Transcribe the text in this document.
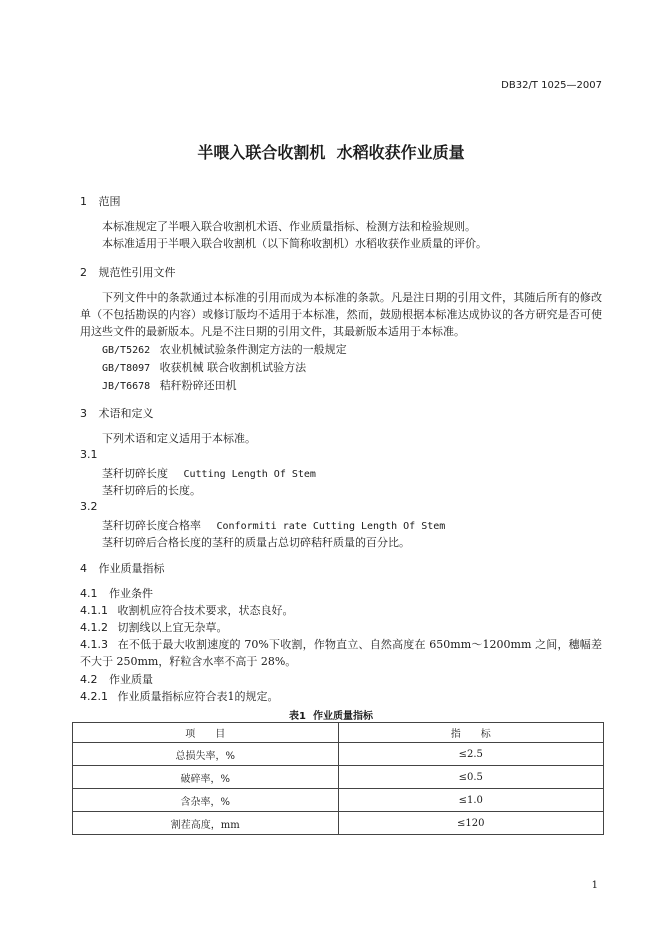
DB32/T 1025—2007
半喂入联合收割机  水稻收获作业质量
1 范围
本标准规定了半喂入联合收割机术语、作业质量指标、检测方法和检验规则。
本标准适用于半喂入联合收割机（以下简称收割机）水稻收获作业质量的评价。
2 规范性引用文件
下列文件中的条款通过本标准的引用而成为本标准的条款。凡是注日期的引用文件，其随后所有的修改单（不包括勘误的内容）或修订版均不适用于本标准，然而，鼓励根据本标准达成协议的各方研究是否可使用这些文件的最新版本。凡是不注日期的引用文件，其最新版本适用于本标准。
GB/T5262 农业机械试验条件测定方法的一般规定
GB/T8097 收获机械 联合收割机试验方法
JB/T6678 秸秆粉碎还田机
3 术语和定义
下列术语和定义适用于本标准。
3.1
茎秆切碎长度 Cutting Length Of Stem
茎秆切碎后的长度。
3.2
茎秆切碎长度合格率 Conformiti rate Cutting Length Of Stem
茎秆切碎后合格长度的茎秆的质量占总切碎秸秆质量的百分比。
4 作业质量指标
4.1 作业条件
4.1.1 收割机应符合技术要求，状态良好。
4.1.2 切割线以上宜无杂草。
4.1.3 在不低于最大收割速度的 70%下收割，作物直立、自然高度在 650mm～1200mm 之间，穗幅差不大于 250mm，籽粒含水率不高于 28%。
4.2 作业质量
4.2.1 作业质量指标应符合表1的规定。
表1  作业质量指标
项　　目	指　　标
总损失率，%	≤2.5
破碎率，%	≤0.5
含杂率，%	≤1.0
割茬高度，mm	≤120
1
